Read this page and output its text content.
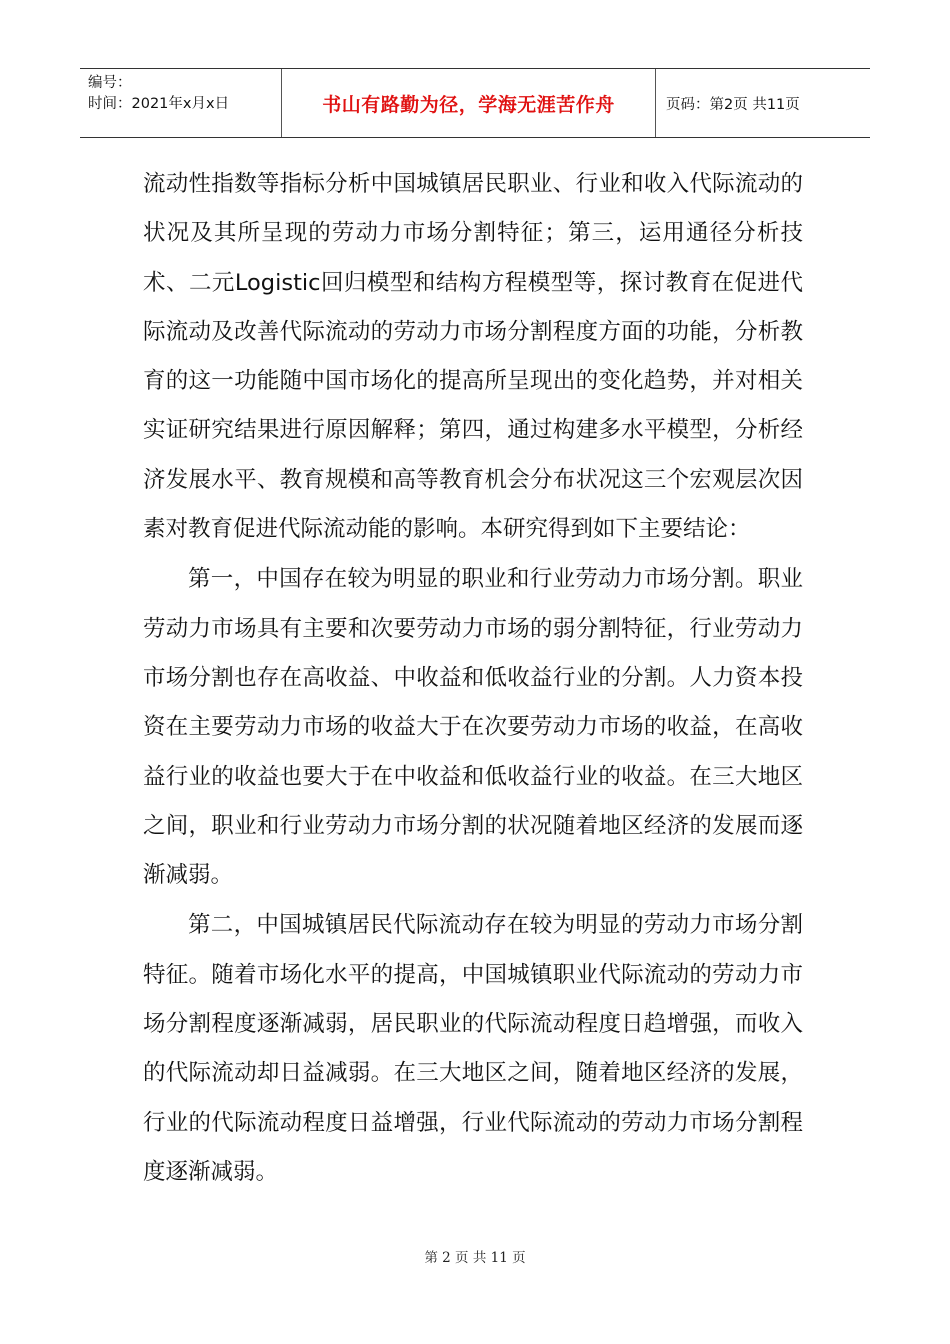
编号：
时间：2021年x月x日	书山有路勤为径，学海无涯苦作舟	页码：第2页 共11页

流动性指数等指标分析中国城镇居民职业、行业和收入代际流动的状况及其所呈现的劳动力市场分割特征；第三，运用通径分析技术、二元Logistic回归模型和结构方程模型等，探讨教育在促进代际流动及改善代际流动的劳动力市场分割程度方面的功能，分析教育的这一功能随中国市场化的提高所呈现出的变化趋势，并对相关实证研究结果进行原因解释；第四，通过构建多水平模型，分析经济发展水平、教育规模和高等教育机会分布状况这三个宏观层次因素对教育促进代际流动能的影响。本研究得到如下主要结论：

第一，中国存在较为明显的职业和行业劳动力市场分割。职业劳动力市场具有主要和次要劳动力市场的弱分割特征，行业劳动力市场分割也存在高收益、中收益和低收益行业的分割。人力资本投资在主要劳动力市场的收益大于在次要劳动力市场的收益，在高收益行业的收益也要大于在中收益和低收益行业的收益。在三大地区之间，职业和行业劳动力市场分割的状况随着地区经济的发展而逐渐减弱。

第二，中国城镇居民代际流动存在较为明显的劳动力市场分割特征。随着市场化水平的提高，中国城镇职业代际流动的劳动力市场分割程度逐渐减弱，居民职业的代际流动程度日趋增强，而收入的代际流动却日益减弱。在三大地区之间，随着地区经济的发展，行业的代际流动程度日益增强，行业代际流动的劳动力市场分割程度逐渐减弱。

第 2 页 共 11 页
